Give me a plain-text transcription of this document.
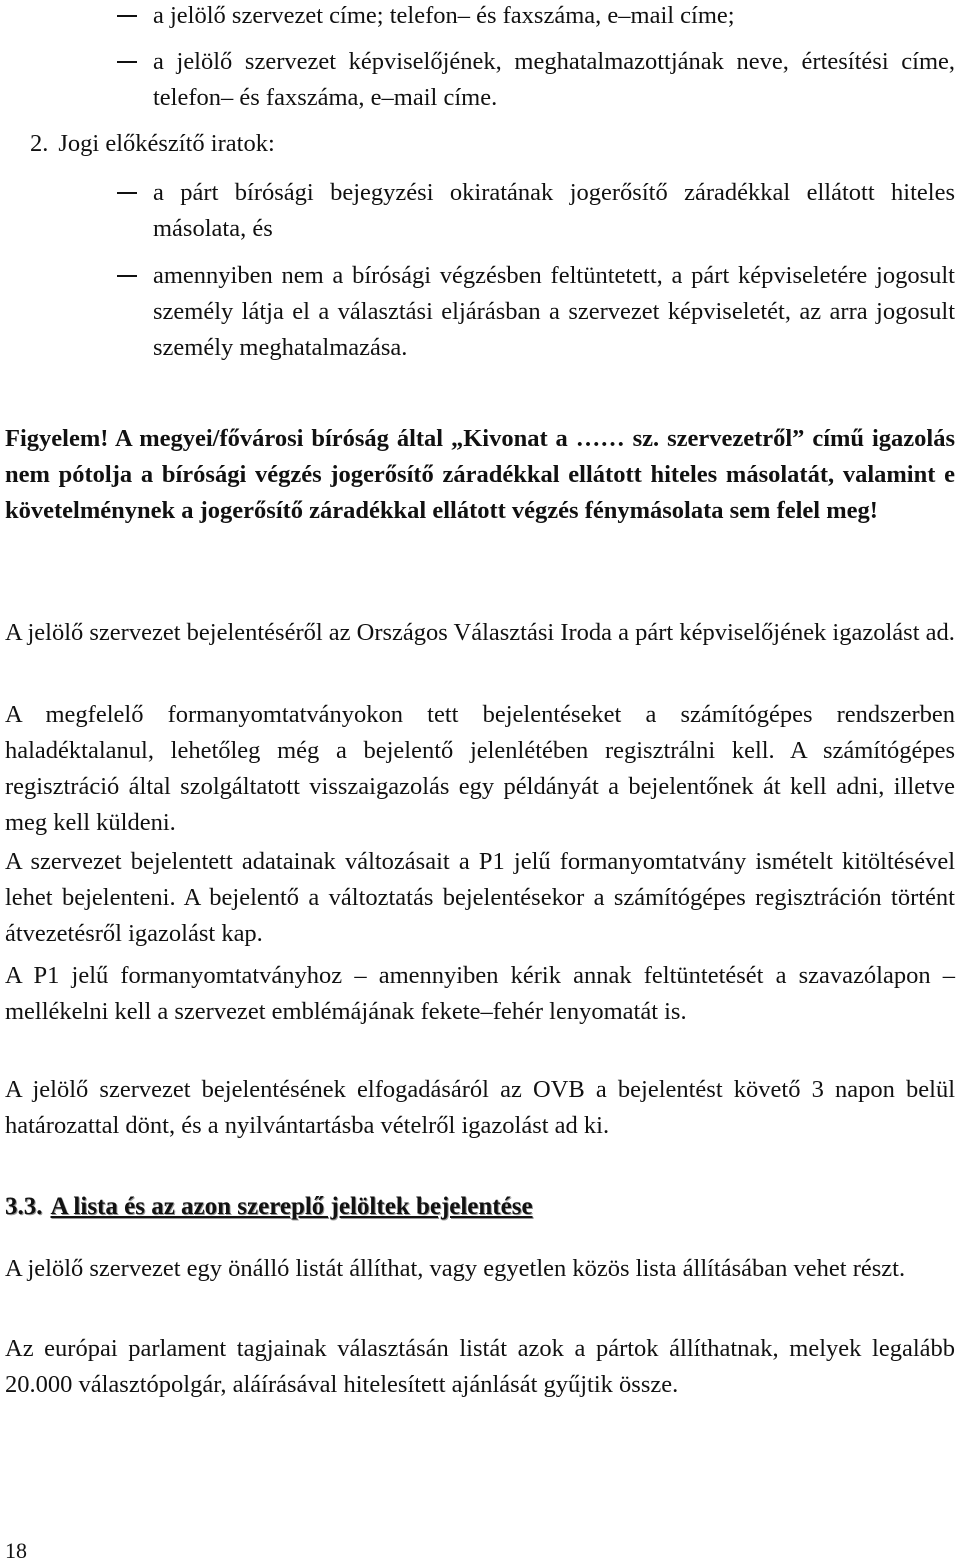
a jelölő szervezet címe; telefon– és faxszáma, e–mail címe;
a jelölő szervezet képviselőjének, meghatalmazottjának neve, értesítési címe, telefon– és faxszáma, e–mail címe.
2. Jogi előkészítő iratok:
a párt bírósági bejegyzési okiratának jogerősítő záradékkal ellátott hiteles másolata, és
amennyiben nem a bírósági végzésben feltüntetett, a párt képviseletére jogosult személy látja el a választási eljárásban a szervezet képviseletét, az arra jogosult személy meghatalmazása.

Figyelem! A megyei/fővárosi bíróság által „Kivonat a …… sz. szervezetről” című igazolás nem pótolja a bírósági végzés jogerősítő záradékkal ellátott hiteles másolatát, valamint e követelménynek a jogerősítő záradékkal ellátott végzés fénymásolata sem felel meg!

A jelölő szervezet bejelentéséről az Országos Választási Iroda a párt képviselőjének igazolást ad.

A megfelelő formanyomtatványokon tett bejelentéseket a számítógépes rendszerben haladéktalanul, lehetőleg még a bejelentő jelenlétében regisztrálni kell. A számítógépes regisztráció által szolgáltatott visszaigazolás egy példányát a bejelentőnek át kell adni, illetve meg kell küldeni.

A szervezet bejelentett adatainak változásait a P1 jelű formanyomtatvány ismételt kitöltésével lehet bejelenteni. A bejelentő a változtatás bejelentésekor a számítógépes regisztráción történt átvezetésről igazolást kap.

A P1 jelű formanyomtatványhoz – amennyiben kérik annak feltüntetését a szavazólapon – mellékelni kell a szervezet emblémájának fekete–fehér lenyomatát is.

A jelölő szervezet bejelentésének elfogadásáról az OVB a bejelentést követő 3 napon belül határozattal dönt, és a nyilvántartásba vételről igazolást ad ki.

3.3. A lista és az azon szereplő jelöltek bejelentése

A jelölő szervezet egy önálló listát állíthat, vagy egyetlen közös lista állításában vehet részt.

Az európai parlament tagjainak választásán listát azok a pártok állíthatnak, melyek legalább 20.000 választópolgár, aláírásával hitelesített ajánlását gyűjtik össze.

18
